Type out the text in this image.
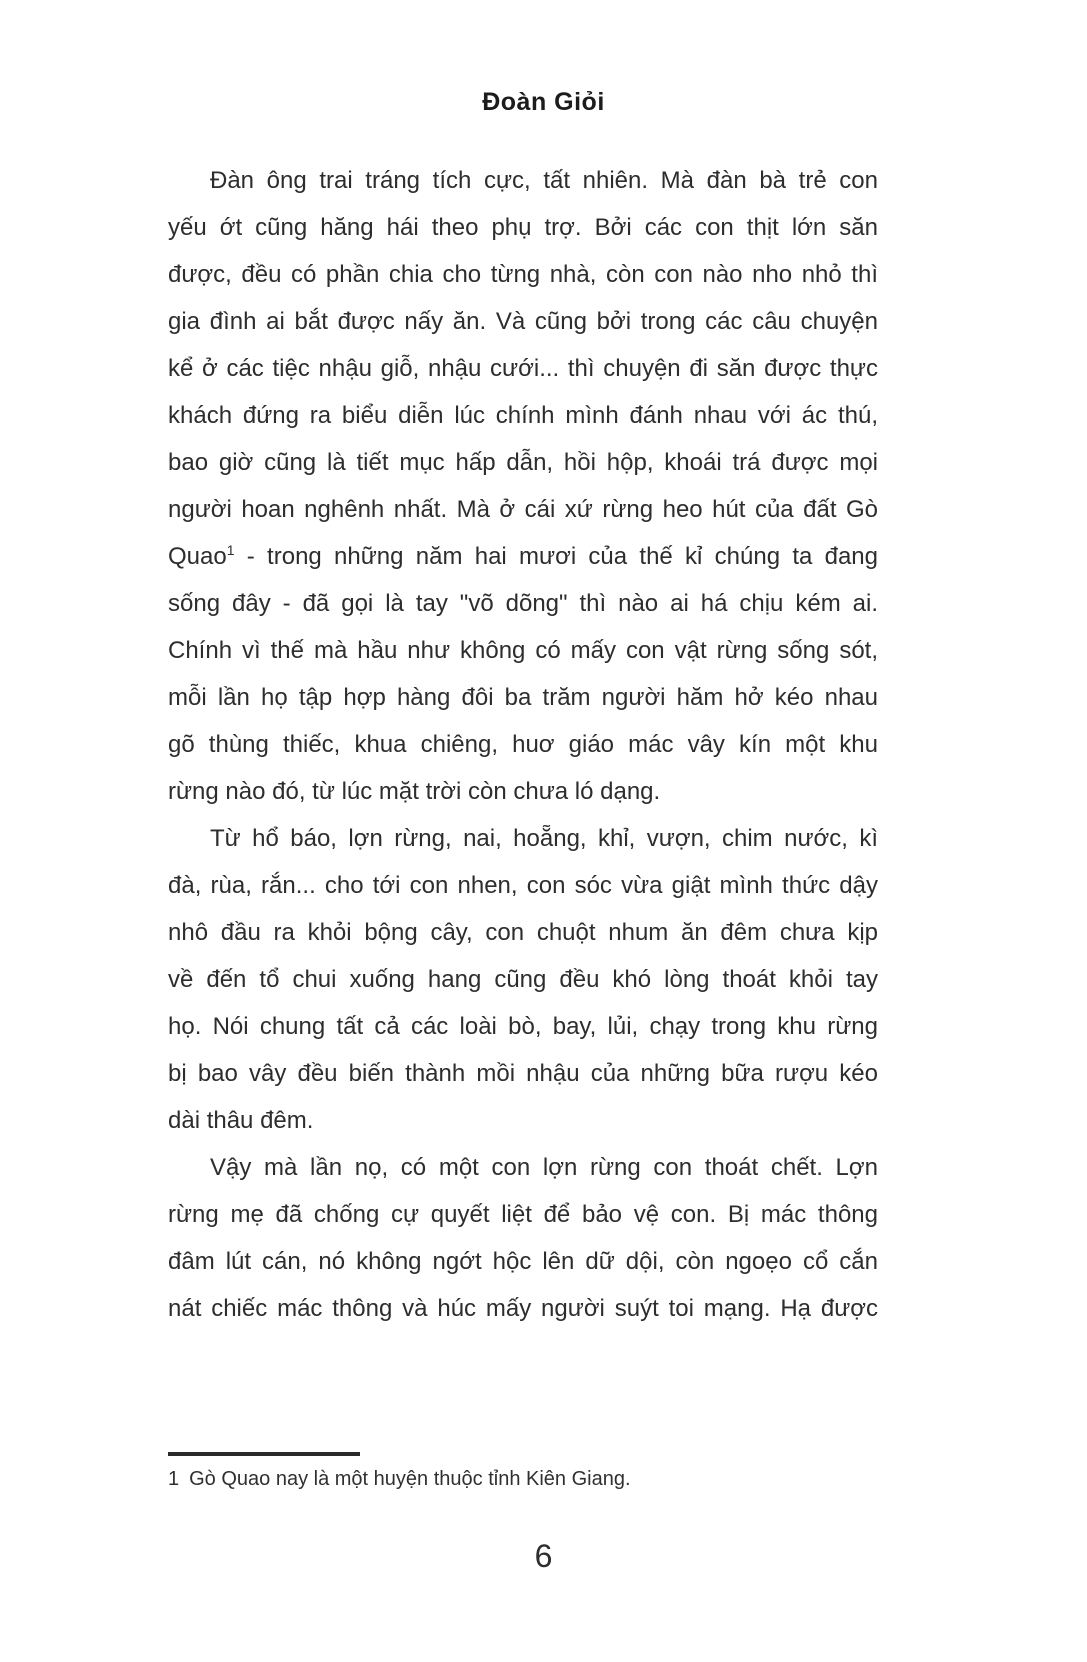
Đoàn Giỏi
Đàn ông trai tráng tích cực, tất nhiên. Mà đàn bà trẻ con
yếu ớt cũng hăng hái theo phụ trợ. Bởi các con thịt lớn săn
được, đều có phần chia cho từng nhà, còn con nào nho nhỏ thì
gia đình ai bắt được nấy ăn. Và cũng bởi trong các câu chuyện
kể ở các tiệc nhậu giỗ, nhậu cưới... thì chuyện đi săn được thực
khách đứng ra biểu diễn lúc chính mình đánh nhau với ác thú,
bao giờ cũng là tiết mục hấp dẫn, hồi hộp, khoái trá được mọi
người hoan nghênh nhất. Mà ở cái xứ rừng heo hút của đất Gò
Quao$^1$ - trong những năm hai mươi của thế kỉ chúng ta đang
sống đây - đã gọi là tay "võ dõng" thì nào ai há chịu kém ai.
Chính vì thế mà hầu như không có mấy con vật rừng sống sót,
mỗi lần họ tập hợp hàng đôi ba trăm người hăm hở kéo nhau
gõ thùng thiếc, khua chiêng, huơ giáo mác vây kín một khu
rừng nào đó, từ lúc mặt trời còn chưa ló dạng.
Từ hổ báo, lợn rừng, nai, hoẵng, khỉ, vượn, chim nước, kì
đà, rùa, rắn... cho tới con nhen, con sóc vừa giật mình thức dậy
nhô đầu ra khỏi bộng cây, con chuột nhum ăn đêm chưa kịp
về đến tổ chui xuống hang cũng đều khó lòng thoát khỏi tay
họ. Nói chung tất cả các loài bò, bay, lủi, chạy trong khu rừng
bị bao vây đều biến thành mồi nhậu của những bữa rượu kéo
dài thâu đêm.
Vậy mà lần nọ, có một con lợn rừng con thoát chết. Lợn
rừng mẹ đã chống cự quyết liệt để bảo vệ con. Bị mác thông
đâm lút cán, nó không ngớt hộc lên dữ dội, còn ngoẹo cổ cắn
nát chiếc mác thông và húc mấy người suýt toi mạng. Hạ được
1 Gò Quao nay là một huyện thuộc tỉnh Kiên Giang.
6
